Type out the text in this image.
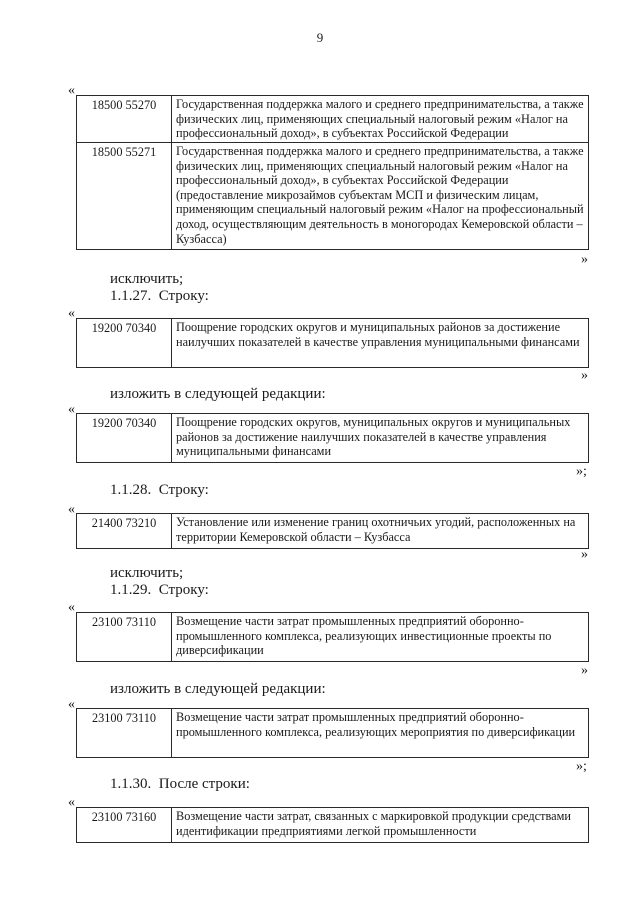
9
«
18500 55270	Государственная поддержка малого и среднего предпринимательства, а также физических лиц, применяющих специальный налоговый режим «Налог на профессиональный доход», в субъектах Российской Федерации
18500 55271	Государственная поддержка малого и среднего предпринимательства, а также физических лиц, применяющих специальный налоговый режим «Налог на профессиональный доход», в субъектах Российской Федерации (предоставление микрозаймов субъектам МСП и физическим лицам, применяющим специальный налоговый режим «Налог на профессиональный доход, осуществляющим деятельность в моногородах Кемеровской области – Кузбасса)
»
исключить;
1.1.27. Строку:
«
19200 70340	Поощрение городских округов и муниципальных районов за достижение наилучших показателей в качестве управления муниципальными финансами
»
изложить в следующей редакции:
«
19200 70340	Поощрение городских округов, муниципальных округов и муниципальных районов за достижение наилучших показателей в качестве управления муниципальными финансами
»;
1.1.28. Строку:
«
21400 73210	Установление или изменение границ охотничьих угодий, расположенных на территории Кемеровской области – Кузбасса
»
исключить;
1.1.29. Строку:
«
23100 73110	Возмещение части затрат промышленных предприятий оборонно-промышленного комплекса, реализующих инвестиционные проекты по диверсификации
»
изложить в следующей редакции:
«
23100 73110	Возмещение части затрат промышленных предприятий оборонно-промышленного комплекса, реализующих мероприятия по диверсификации
»;
1.1.30. После строки:
«
23100 73160	Возмещение части затрат, связанных с маркировкой продукции средствами идентификации предприятиями легкой промышленности
